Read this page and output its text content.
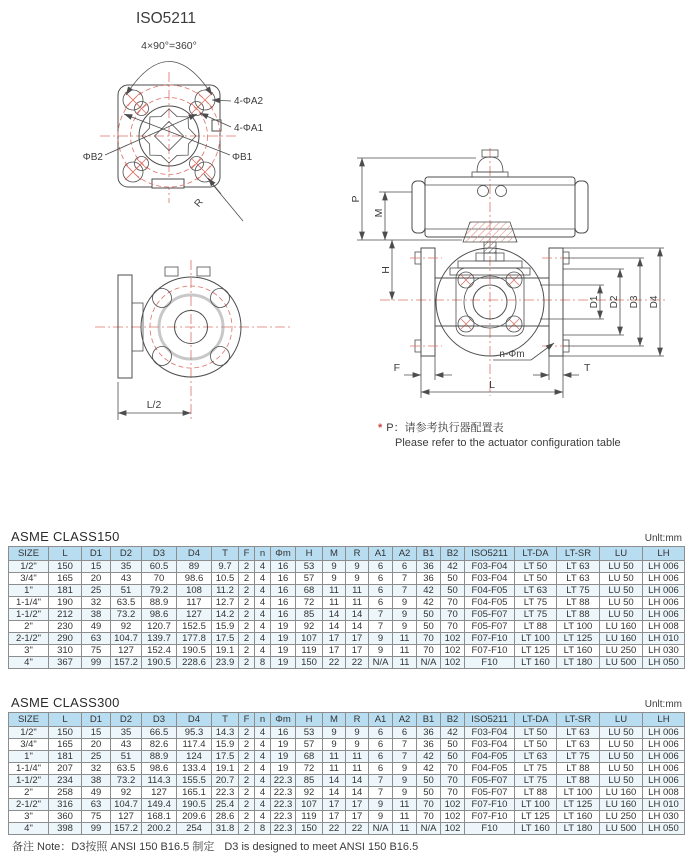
ISO5211
4×90°=360°
4-ΦA2
4-ΦA1
ΦB2	ΦB1
R
L/2
P
M
H
D1 D2 D3 D4
F	T
L
n-Φm
* P：请参考执行器配置表
Please refer to the actuator configuration table
ASME CLASS150	Unlt:mm
SIZE	L	D1	D2	D3	D4	T	F	n	Φm	H	M	R	A1	A2	B1	B2	ISO5211	LT-DA	LT-SR	LU	LH
1/2"	150	15	35	60.5	89	9.7	2	4	16	53	9	9	6	6	36	42	F03-F04	LT 50	LT 63	LU 50	LH 006
3/4"	165	20	43	70	98.6	10.5	2	4	16	57	9	9	6	7	36	50	F03-F04	LT 50	LT 63	LU 50	LH 006
1"	181	25	51	79.2	108	11.2	2	4	16	68	11	11	6	7	42	50	F04-F05	LT 63	LT 75	LU 50	LH 006
1-1/4"	190	32	63.5	88.9	117	12.7	2	4	16	72	11	11	6	9	42	70	F04-F05	LT 75	LT 88	LU 50	LH 006
1-1/2"	212	38	73.2	98.6	127	14.2	2	4	16	85	14	14	7	9	50	70	F05-F07	LT 75	LT 88	LU 50	LH 006
2"	230	49	92	120.7	152.5	15.9	2	4	19	92	14	14	7	9	50	70	F05-F07	LT 88	LT 100	LU 160	LH 008
2-1/2"	290	63	104.7	139.7	177.8	17.5	2	4	19	107	17	17	9	11	70	102	F07-F10	LT 100	LT 125	LU 160	LH 010
3"	310	75	127	152.4	190.5	19.1	2	4	19	119	17	17	9	11	70	102	F07-F10	LT 125	LT 160	LU 250	LH 030
4"	367	99	157.2	190.5	228.6	23.9	2	8	19	150	22	22	N/A	11	N/A	102	F10	LT 160	LT 180	LU 500	LH 050
ASME CLASS300	Unlt:mm
SIZE	L	D1	D2	D3	D4	T	F	n	Φm	H	M	R	A1	A2	B1	B2	ISO5211	LT-DA	LT-SR	LU	LH
1/2"	150	15	35	66.5	95.3	14.3	2	4	16	53	9	9	6	6	36	42	F03-F04	LT 50	LT 63	LU 50	LH 006
3/4"	165	20	43	82.6	117.4	15.9	2	4	19	57	9	9	6	7	36	50	F03-F04	LT 50	LT 63	LU 50	LH 006
1"	181	25	51	88.9	124	17.5	2	4	19	68	11	11	6	7	42	50	F04-F05	LT 63	LT 75	LU 50	LH 006
1-1/4"	207	32	63.5	98.6	133.4	19.1	2	4	19	72	11	11	6	9	42	70	F04-F05	LT 75	LT 88	LU 50	LH 006
1-1/2"	234	38	73.2	114.3	155.5	20.7	2	4	22.3	85	14	14	7	9	50	70	F05-F07	LT 75	LT 88	LU 50	LH 006
2"	258	49	92	127	165.1	22.3	2	4	22.3	92	14	14	7	9	50	70	F05-F07	LT 88	LT 100	LU 160	LH 008
2-1/2"	316	63	104.7	149.4	190.5	25.4	2	4	22.3	107	17	17	9	11	70	102	F07-F10	LT 100	LT 125	LU 160	LH 010
3"	360	75	127	168.1	209.6	28.6	2	4	22.3	119	17	17	9	11	70	102	F07-F10	LT 125	LT 160	LU 250	LH 030
4"	398	99	157.2	200.2	254	31.8	2	8	22.3	150	22	22	N/A	11	N/A	102	F10	LT 160	LT 180	LU 500	LH 050
备注 Note：D3按照 ANSI 150 B16.5 制定 D3 is designed to meet ANSI 150 B16.5
